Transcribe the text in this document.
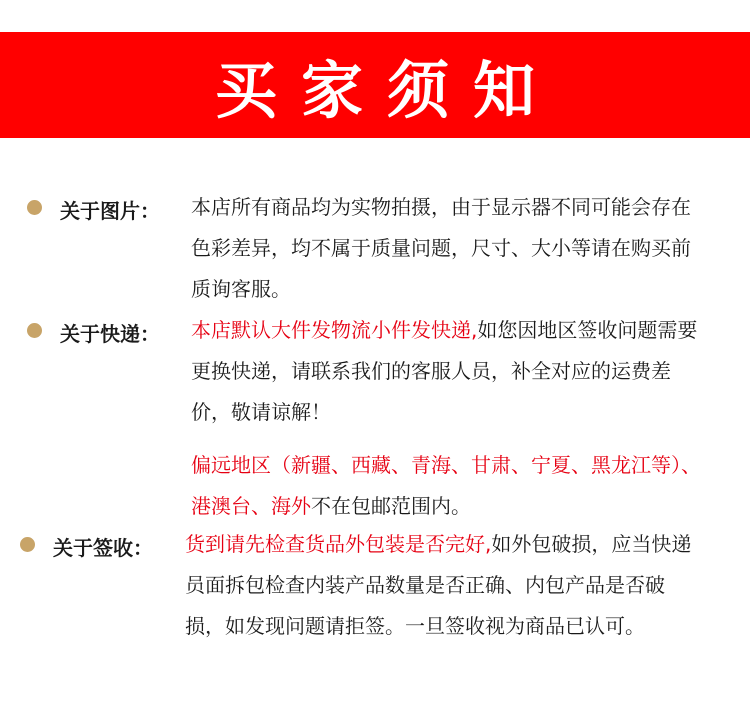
买家须知
关于图片： 本店所有商品均为实物拍摄，由于显示器不同可能会存在色彩差异，均不属于质量问题，尺寸、大小等请在购买前质询客服。
关于快递： 本店默认大件发物流小件发快递,如您因地区签收问题需要更换快递，请联系我们的客服人员，补全对应的运费差价，敬请谅解！
偏远地区（新疆、西藏、青海、甘肃、宁夏、黑龙江等）、港澳台、海外不在包邮范围内。
关于签收： 货到请先检查货品外包装是否完好,如外包破损，应当快递员面拆包检查内装产品数量是否正确、内包产品是否破损，如发现问题请拒签。一旦签收视为商品已认可。
